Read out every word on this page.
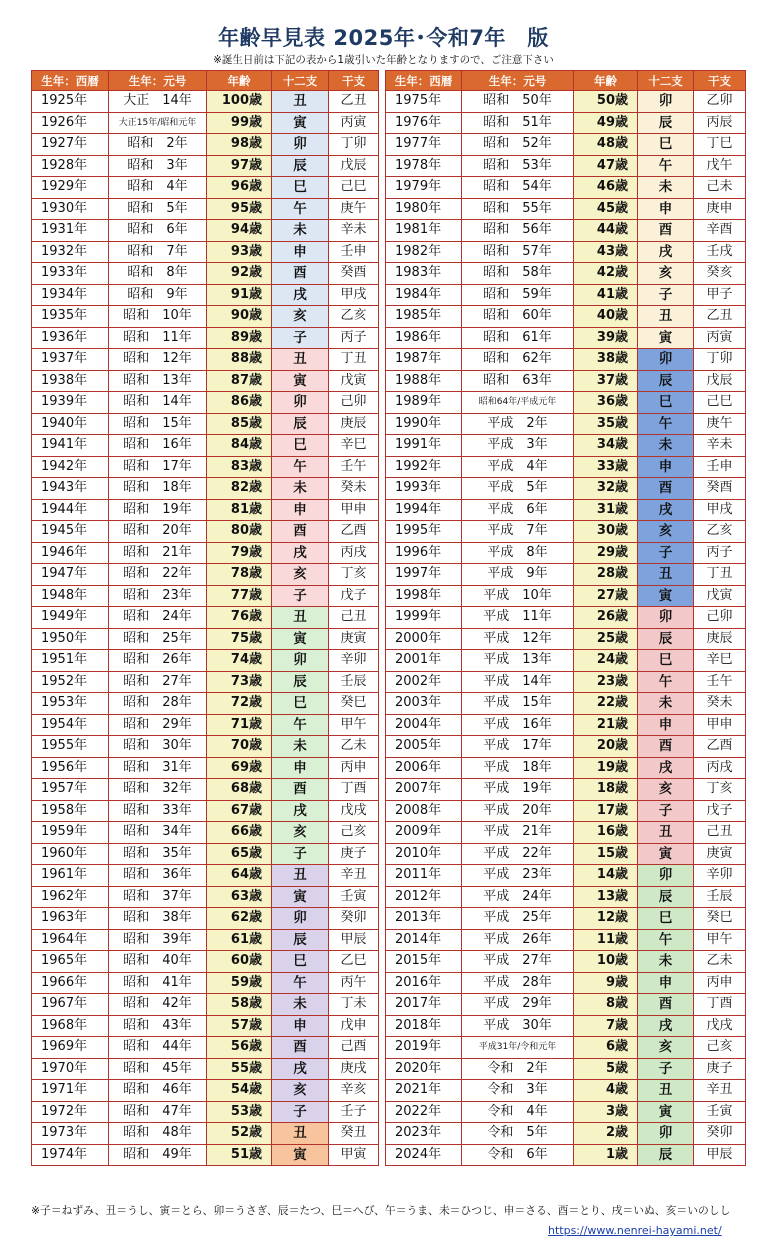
年齢早見表 2025年･令和7年　版
※誕生日前は下記の表から1歳引いた年齢となりますので、ご注意下さい
生年：西暦	生年：元号	年齢	十二支	干支
1925年	大正　14年	100歳	丑	乙丑
1926年	大正15年/昭和元年	99歳	寅	丙寅
1927年	昭和　2年	98歳	卯	丁卯
1928年	昭和　3年	97歳	辰	戊辰
1929年	昭和　4年	96歳	巳	己巳
1930年	昭和　5年	95歳	午	庚午
1931年	昭和　6年	94歳	未	辛未
1932年	昭和　7年	93歳	申	壬申
1933年	昭和　8年	92歳	酉	癸酉
1934年	昭和　9年	91歳	戌	甲戌
1935年	昭和　10年	90歳	亥	乙亥
1936年	昭和　11年	89歳	子	丙子
1937年	昭和　12年	88歳	丑	丁丑
1938年	昭和　13年	87歳	寅	戊寅
1939年	昭和　14年	86歳	卯	己卯
1940年	昭和　15年	85歳	辰	庚辰
1941年	昭和　16年	84歳	巳	辛巳
1942年	昭和　17年	83歳	午	壬午
1943年	昭和　18年	82歳	未	癸未
1944年	昭和　19年	81歳	申	甲申
1945年	昭和　20年	80歳	酉	乙酉
1946年	昭和　21年	79歳	戌	丙戌
1947年	昭和　22年	78歳	亥	丁亥
1948年	昭和　23年	77歳	子	戊子
1949年	昭和　24年	76歳	丑	己丑
1950年	昭和　25年	75歳	寅	庚寅
1951年	昭和　26年	74歳	卯	辛卯
1952年	昭和　27年	73歳	辰	壬辰
1953年	昭和　28年	72歳	巳	癸巳
1954年	昭和　29年	71歳	午	甲午
1955年	昭和　30年	70歳	未	乙未
1956年	昭和　31年	69歳	申	丙申
1957年	昭和　32年	68歳	酉	丁酉
1958年	昭和　33年	67歳	戌	戊戌
1959年	昭和　34年	66歳	亥	己亥
1960年	昭和　35年	65歳	子	庚子
1961年	昭和　36年	64歳	丑	辛丑
1962年	昭和　37年	63歳	寅	壬寅
1963年	昭和　38年	62歳	卯	癸卯
1964年	昭和　39年	61歳	辰	甲辰
1965年	昭和　40年	60歳	巳	乙巳
1966年	昭和　41年	59歳	午	丙午
1967年	昭和　42年	58歳	未	丁未
1968年	昭和　43年	57歳	申	戊申
1969年	昭和　44年	56歳	酉	己酉
1970年	昭和　45年	55歳	戌	庚戌
1971年	昭和　46年	54歳	亥	辛亥
1972年	昭和　47年	53歳	子	壬子
1973年	昭和　48年	52歳	丑	癸丑
1974年	昭和　49年	51歳	寅	甲寅
生年：西暦	生年：元号	年齢	十二支	干支
1975年	昭和　50年	50歳	卯	乙卯
1976年	昭和　51年	49歳	辰	丙辰
1977年	昭和　52年	48歳	巳	丁巳
1978年	昭和　53年	47歳	午	戊午
1979年	昭和　54年	46歳	未	己未
1980年	昭和　55年	45歳	申	庚申
1981年	昭和　56年	44歳	酉	辛酉
1982年	昭和　57年	43歳	戌	壬戌
1983年	昭和　58年	42歳	亥	癸亥
1984年	昭和　59年	41歳	子	甲子
1985年	昭和　60年	40歳	丑	乙丑
1986年	昭和　61年	39歳	寅	丙寅
1987年	昭和　62年	38歳	卯	丁卯
1988年	昭和　63年	37歳	辰	戊辰
1989年	昭和64年/平成元年	36歳	巳	己巳
1990年	平成　2年	35歳	午	庚午
1991年	平成　3年	34歳	未	辛未
1992年	平成　4年	33歳	申	壬申
1993年	平成　5年	32歳	酉	癸酉
1994年	平成　6年	31歳	戌	甲戌
1995年	平成　7年	30歳	亥	乙亥
1996年	平成　8年	29歳	子	丙子
1997年	平成　9年	28歳	丑	丁丑
1998年	平成　10年	27歳	寅	戊寅
1999年	平成　11年	26歳	卯	己卯
2000年	平成　12年	25歳	辰	庚辰
2001年	平成　13年	24歳	巳	辛巳
2002年	平成　14年	23歳	午	壬午
2003年	平成　15年	22歳	未	癸未
2004年	平成　16年	21歳	申	甲申
2005年	平成　17年	20歳	酉	乙酉
2006年	平成　18年	19歳	戌	丙戌
2007年	平成　19年	18歳	亥	丁亥
2008年	平成　20年	17歳	子	戊子
2009年	平成　21年	16歳	丑	己丑
2010年	平成　22年	15歳	寅	庚寅
2011年	平成　23年	14歳	卯	辛卯
2012年	平成　24年	13歳	辰	壬辰
2013年	平成　25年	12歳	巳	癸巳
2014年	平成　26年	11歳	午	甲午
2015年	平成　27年	10歳	未	乙未
2016年	平成　28年	9歳	申	丙申
2017年	平成　29年	8歳	酉	丁酉
2018年	平成　30年	7歳	戌	戊戌
2019年	平成31年/令和元年	6歳	亥	己亥
2020年	令和　2年	5歳	子	庚子
2021年	令和　3年	4歳	丑	辛丑
2022年	令和　4年	3歳	寅	壬寅
2023年	令和　5年	2歳	卯	癸卯
2024年	令和　6年	1歳	辰	甲辰
※子＝ねずみ、丑＝うし、寅＝とら、卯＝うさぎ、辰＝たつ、巳＝へび、午＝うま、未＝ひつじ、申＝さる、酉＝とり、戌＝いぬ、亥＝いのしし
https://www.nenrei-hayami.net/
